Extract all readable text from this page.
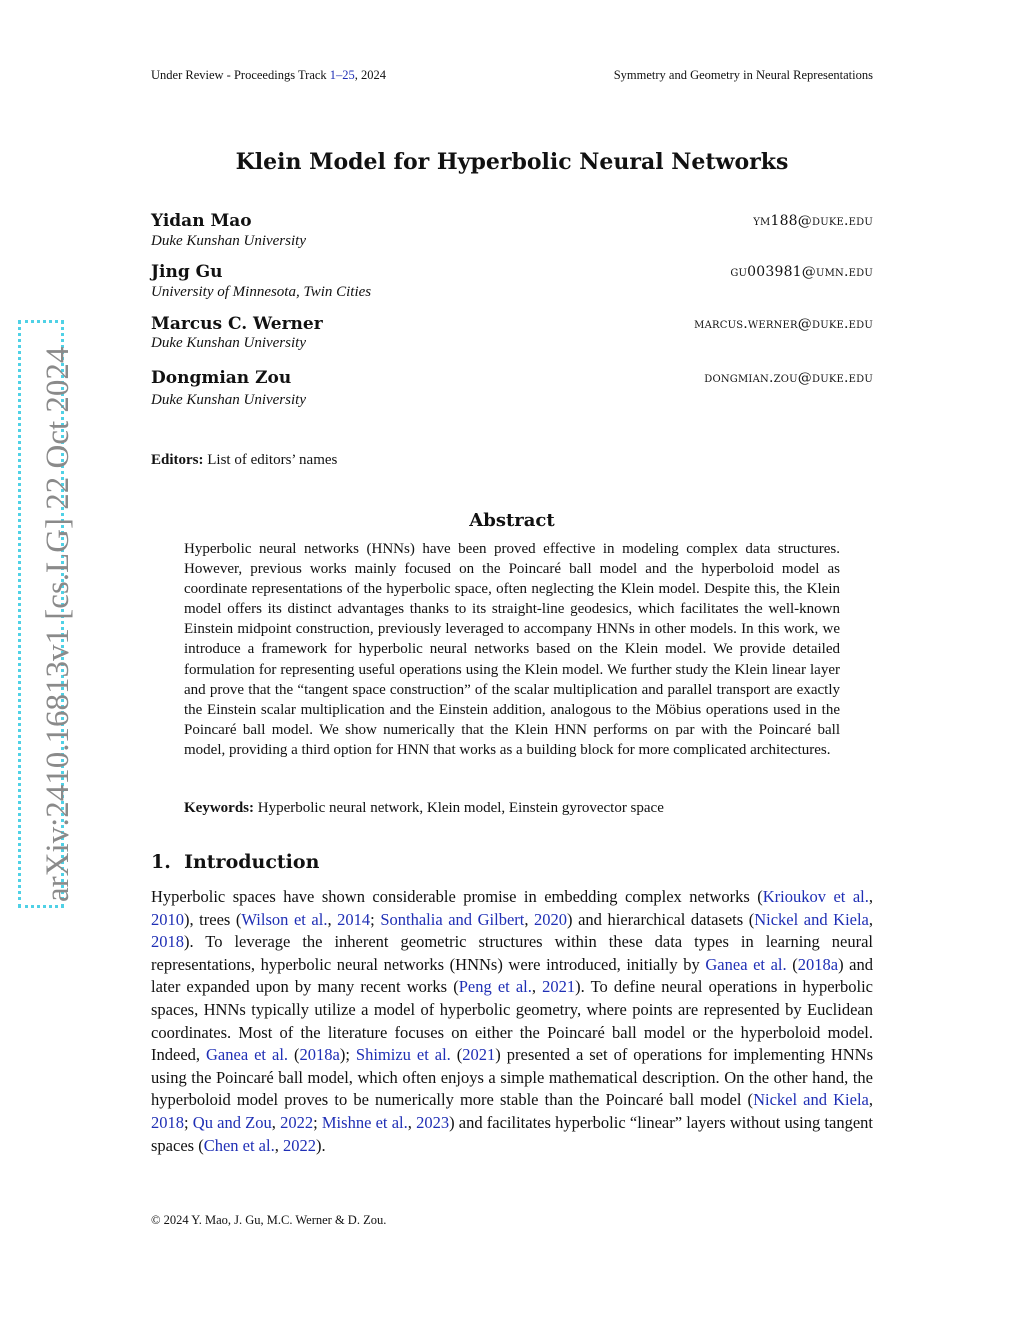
arXiv:2410.16813v1 [cs.LG] 22 Oct 2024
Under Review - Proceedings Track 1–25, 2024	Symmetry and Geometry in Neural Representations
Klein Model for Hyperbolic Neural Networks
Yidan Mao	ym188@duke.edu
Duke Kunshan University
Jing Gu	gu003981@umn.edu
University of Minnesota, Twin Cities
Marcus C. Werner	marcus.werner@duke.edu
Duke Kunshan University
Dongmian Zou	dongmian.zou@duke.edu
Duke Kunshan University
Editors: List of editors’ names
Abstract
Hyperbolic neural networks (HNNs) have been proved effective in modeling complex data structures. However, previous works mainly focused on the Poincaré ball model and the hyperboloid model as coordinate representations of the hyperbolic space, often neglecting the Klein model. Despite this, the Klein model offers its distinct advantages thanks to its straight-line geodesics, which facilitates the well-known Einstein midpoint construction, previously leveraged to accompany HNNs in other models. In this work, we introduce a framework for hyperbolic neural networks based on the Klein model. We provide detailed formulation for representing useful operations using the Klein model. We further study the Klein linear layer and prove that the “tangent space construction” of the scalar multiplication and parallel transport are exactly the Einstein scalar multiplication and the Einstein addition, analogous to the Möbius operations used in the Poincaré ball model. We show numerically that the Klein HNN performs on par with the Poincaré ball model, providing a third option for HNN that works as a building block for more complicated architectures.
Keywords: Hyperbolic neural network, Klein model, Einstein gyrovector space
1. Introduction
Hyperbolic spaces have shown considerable promise in embedding complex networks (Krioukov et al., 2010), trees (Wilson et al., 2014; Sonthalia and Gilbert, 2020) and hierarchical datasets (Nickel and Kiela, 2018). To leverage the inherent geometric structures within these data types in learning neural representations, hyperbolic neural networks (HNNs) were introduced, initially by Ganea et al. (2018a) and later expanded upon by many recent works (Peng et al., 2021). To define neural operations in hyperbolic spaces, HNNs typically utilize a model of hyperbolic geometry, where points are represented by Euclidean coordinates. Most of the literature focuses on either the Poincaré ball model or the hyperboloid model. Indeed, Ganea et al. (2018a); Shimizu et al. (2021) presented a set of operations for implementing HNNs using the Poincaré ball model, which often enjoys a simple mathematical description. On the other hand, the hyperboloid model proves to be numerically more stable than the Poincaré ball model (Nickel and Kiela, 2018; Qu and Zou, 2022; Mishne et al., 2023) and facilitates hyperbolic “linear” layers without using tangent spaces (Chen et al., 2022).
© 2024 Y. Mao, J. Gu, M.C. Werner & D. Zou.
